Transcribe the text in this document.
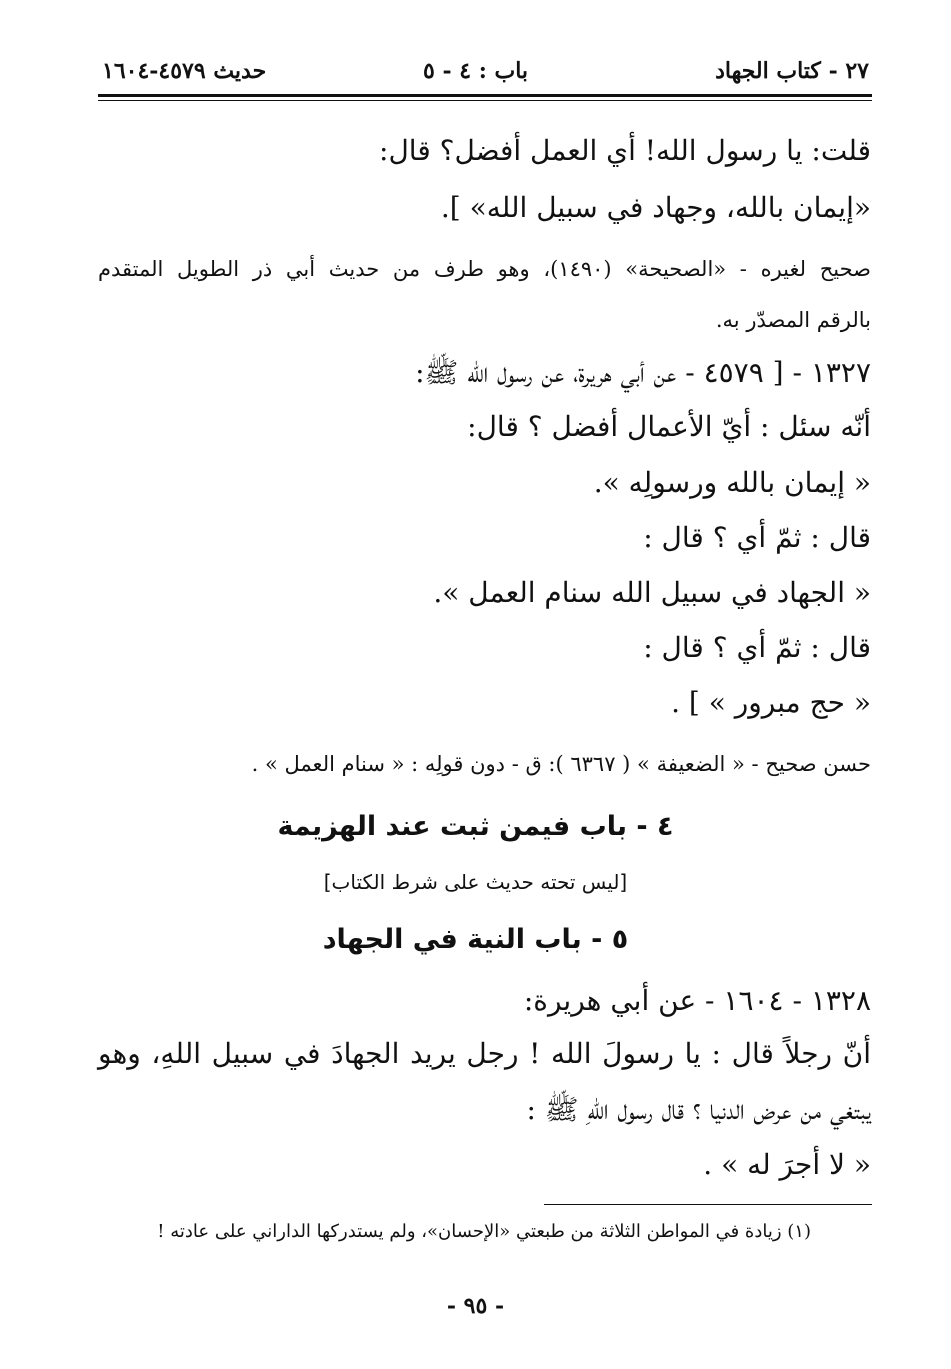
٢٧ - كتاب الجهاد
باب : ٤ - ٥
حديث ٤٥٧٩-١٦٠٤
قلت: يا رسول الله! أي العمل أفضل؟ قال:
«إيمان بالله، وجهاد في سبيل الله» ].
صحيح لغيره - «الصحيحة» (١٤٩٠)، وهو طرف من حديث أبي ذر الطويل المتقدم
بالرقم المصدّر به.
١٣٢٧ - [ ٤٥٧٩ - عن أبي هريرة، عن رسول الله ﷺ:
أنّه سئل : أيّ الأعمال أفضل ؟ قال:
« إيمان بالله ورسولِه ».
قال : ثمّ أي ؟ قال :
« الجهاد في سبيل الله سنام العمل ».
قال : ثمّ أي ؟ قال :
« حج مبرور » ] .
حسن صحيح - « الضعيفة » ( ٦٣٦٧ ): ق - دون قولِه : « سنام العمل » .
٤ - باب فيمن ثبت عند الهزيمة
[ليس تحته حديث على شرط الكتاب]
٥ - باب النية في الجهاد
١٣٢٨ - ١٦٠٤ - عن أبي هريرة:
أنّ رجلاً قال : يا رسولَ الله ! رجل يريد الجهادَ في سبيل اللهِ، وهو
يبتغي من عرض الدنيا ؟ قال رسول اللهِ ﷺ :
« لا أجرَ له » .
(١) زيادة في المواطن الثلاثة من طبعتي «الإحسان»، ولم يستدركها الداراني على عادته !
- ٩٥ -
